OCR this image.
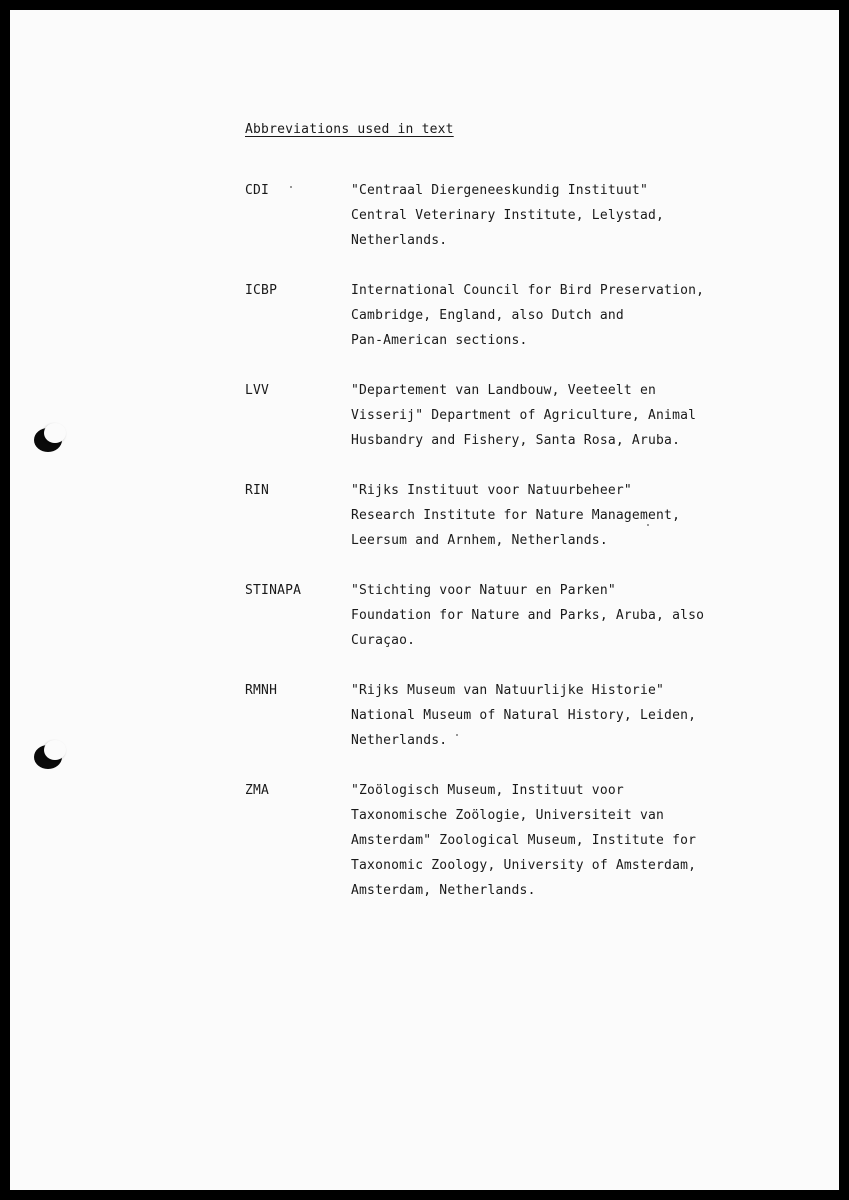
Abbreviations used in text
CDI	"Centraal Diergeneeskundig Instituut"
Central Veterinary Institute, Lelystad,
Netherlands.
ICBP	International Council for Bird Preservation,
Cambridge, England, also Dutch and
Pan-American sections.
LVV	"Departement van Landbouw, Veeteelt en
Visserij" Department of Agriculture, Animal
Husbandry and Fishery, Santa Rosa, Aruba.
RIN	"Rijks Instituut voor Natuurbeheer"
Research Institute for Nature Management,
Leersum and Arnhem, Netherlands.
STINAPA	"Stichting voor Natuur en Parken"
Foundation for Nature and Parks, Aruba, also
Curaçao.
RMNH	"Rijks Museum van Natuurlijke Historie"
National Museum of Natural History, Leiden,
Netherlands.
ZMA	"Zoölogisch Museum, Instituut voor
Taxonomische Zoölogie, Universiteit van
Amsterdam" Zoological Museum, Institute for
Taxonomic Zoology, University of Amsterdam,
Amsterdam, Netherlands.
